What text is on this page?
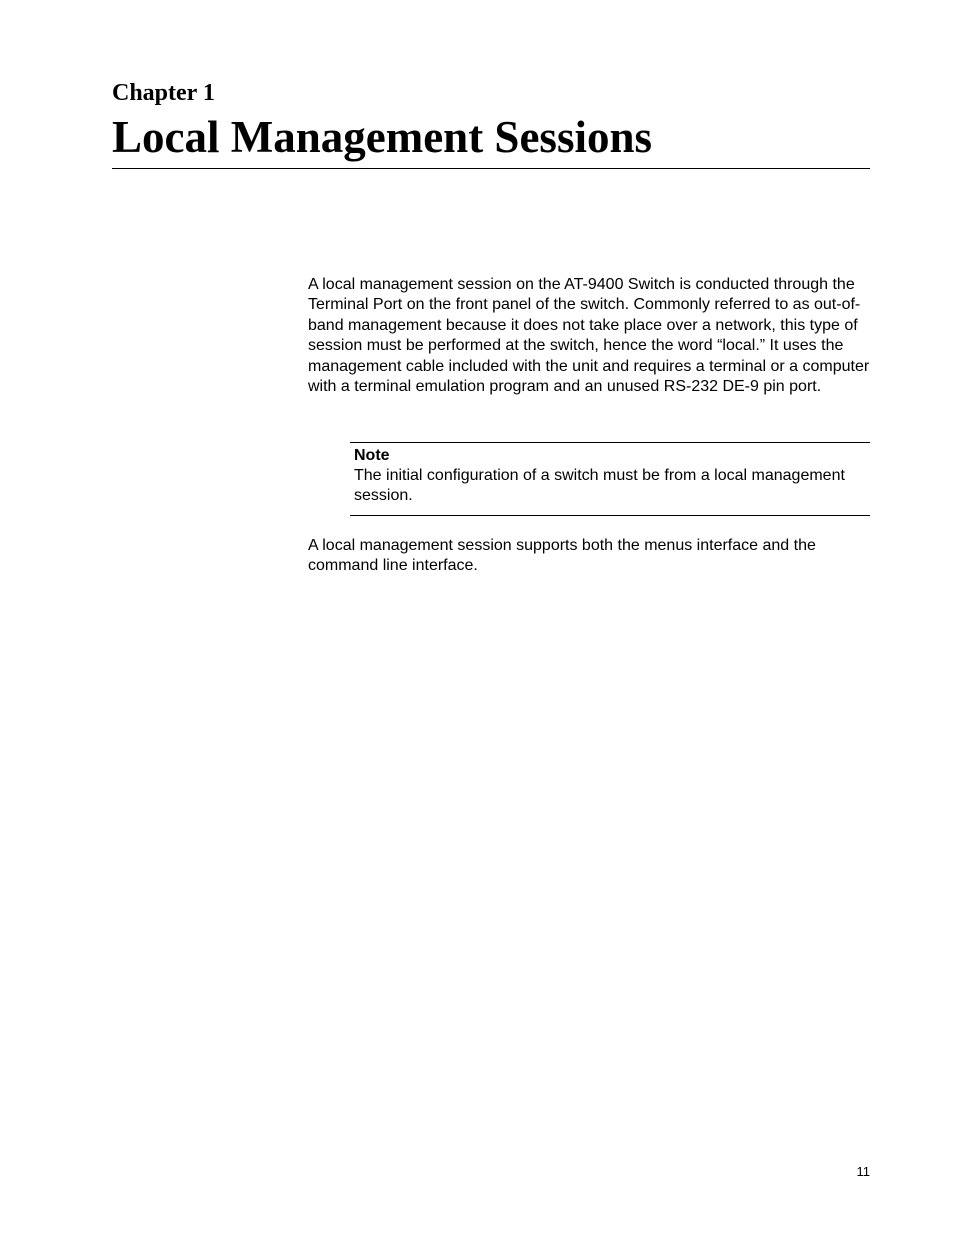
Chapter 1
Local Management Sessions

A local management session on the AT-9400 Switch is conducted through the Terminal Port on the front panel of the switch. Commonly referred to as out-of-band management because it does not take place over a network, this type of session must be performed at the switch, hence the word “local.” It uses the management cable included with the unit and requires a terminal or a computer with a terminal emulation program and an unused RS-232 DE-9 pin port.

Note

The initial configuration of a switch must be from a local management session.

A local management session supports both the menus interface and the command line interface.

11
